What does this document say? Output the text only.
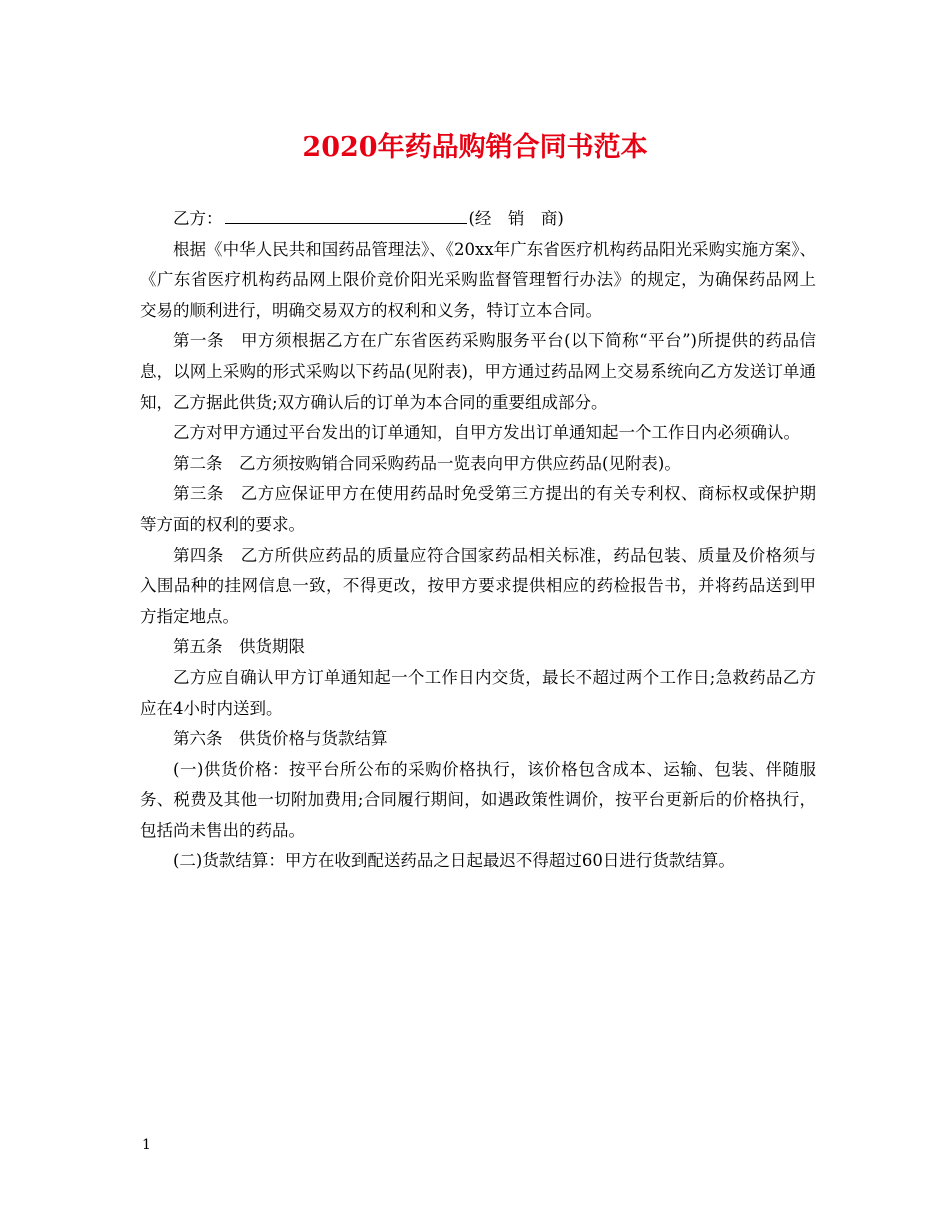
2020年药品购销合同书范本

乙方：	(经　销　商)

根据《中华人民共和国药品管理法》、《20xx年广东省医疗机构药品阳光采购实施方案》、《广东省医疗机构药品网上限价竞价阳光采购监督管理暂行办法》的规定，为确保药品网上交易的顺利进行，明确交易双方的权利和义务，特订立本合同。

第一条　甲方须根据乙方在广东省医药采购服务平台(以下简称“平台”)所提供的药品信息，以网上采购的形式采购以下药品(见附表)，甲方通过药品网上交易系统向乙方发送订单通知，乙方据此供货;双方确认后的订单为本合同的重要组成部分。

乙方对甲方通过平台发出的订单通知，自甲方发出订单通知起一个工作日内必须确认。

第二条　乙方须按购销合同采购药品一览表向甲方供应药品(见附表)。

第三条　乙方应保证甲方在使用药品时免受第三方提出的有关专利权、商标权或保护期等方面的权利的要求。

第四条　乙方所供应药品的质量应符合国家药品相关标准，药品包装、质量及价格须与入围品种的挂网信息一致，不得更改，按甲方要求提供相应的药检报告书，并将药品送到甲方指定地点。

第五条　供货期限

乙方应自确认甲方订单通知起一个工作日内交货，最长不超过两个工作日;急救药品乙方应在4小时内送到。

第六条　供货价格与货款结算

(一)供货价格：按平台所公布的采购价格执行，该价格包含成本、运输、包装、伴随服务、税费及其他一切附加费用;合同履行期间，如遇政策性调价，按平台更新后的价格执行，包括尚未售出的药品。

(二)货款结算：甲方在收到配送药品之日起最迟不得超过60日进行货款结算。

1
